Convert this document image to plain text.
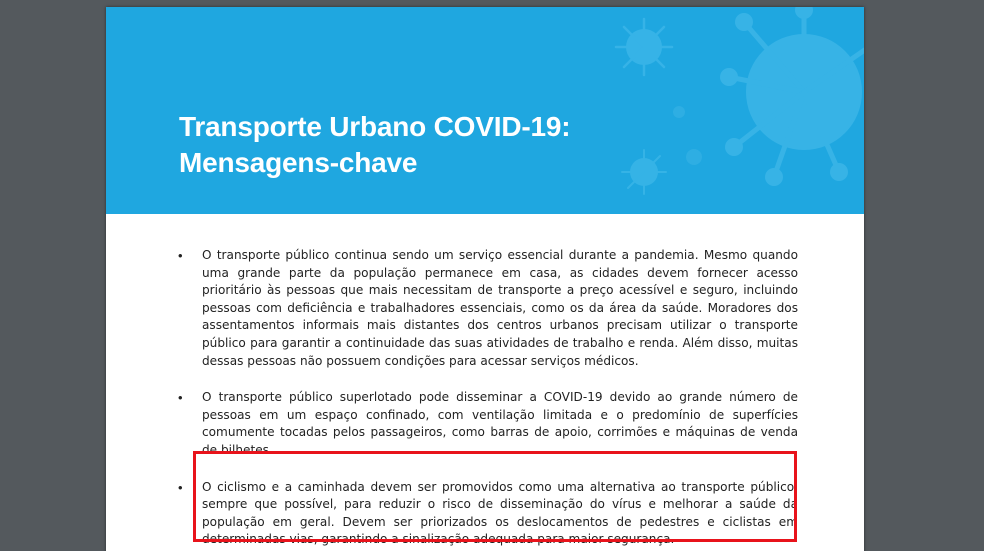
Transporte Urbano COVID-19:
Mensagens-chave
• O transporte público continua sendo um serviço essencial durante a pandemia. Mesmo quando uma grande parte da população permanece em casa, as cidades devem fornecer acesso prioritário às pessoas que mais necessitam de transporte a preço acessível e seguro, incluindo pessoas com deficiência e trabalhadores essenciais, como os da área da saúde. Moradores dos assentamentos informais mais distantes dos centros urbanos precisam utilizar o transporte público para garantir a continuidade das suas atividades de trabalho e renda. Além disso, muitas dessas pessoas não possuem condições para acessar serviços médicos.

• O transporte público superlotado pode disseminar a COVID-19 devido ao grande número de pessoas em um espaço confinado, com ventilação limitada e o predomínio de superfícies comumente tocadas pelos passageiros, como barras de apoio, corrimões e máquinas de venda de bilhetes.

• O ciclismo e a caminhada devem ser promovidos como uma alternativa ao transporte público, sempre que possível, para reduzir o risco de disseminação do vírus e melhorar a saúde da população em geral. Devem ser priorizados os deslocamentos de pedestres e ciclistas em determinadas vias, garantindo a sinalização adequada para maior segurança.
